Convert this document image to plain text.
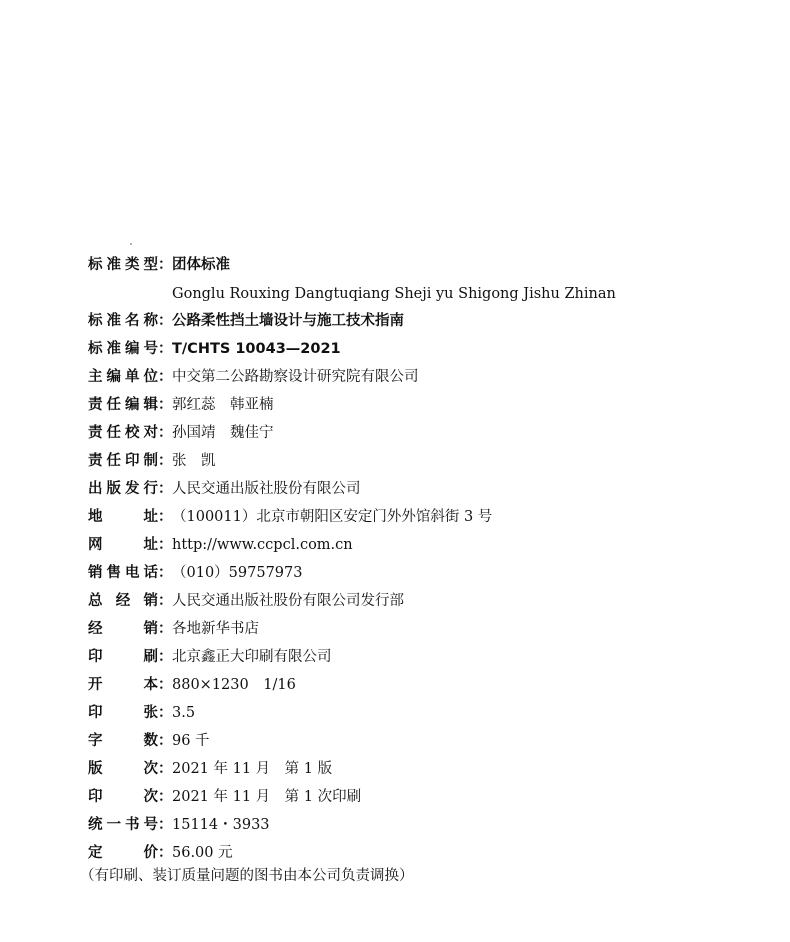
标准类型：团体标准
Gonglu Rouxing Dangtuqiang Sheji yu Shigong Jishu Zhinan
标准名称：公路柔性挡土墙设计与施工技术指南
标准编号：T/CHTS 10043—2021
主编单位：中交第二公路勘察设计研究院有限公司
责任编辑：郭红蕊　韩亚楠
责任校对：孙国靖　魏佳宁
责任印制：张　凯
出版发行：人民交通出版社股份有限公司
地址：（100011）北京市朝阳区安定门外外馆斜街 3 号
网址：http://www.ccpcl.com.cn
销售电话：（010）59757973
总经销：人民交通出版社股份有限公司发行部
经销：各地新华书店
印刷：北京鑫正大印刷有限公司
开本：880×1230　1/16
印张：3.5
字数：96 千
版次：2021 年 11 月　第 1 版
印次：2021 年 11 月　第 1 次印刷
统一书号：15114・3933
定价：56.00 元
（有印刷、装订质量问题的图书由本公司负责调换）
